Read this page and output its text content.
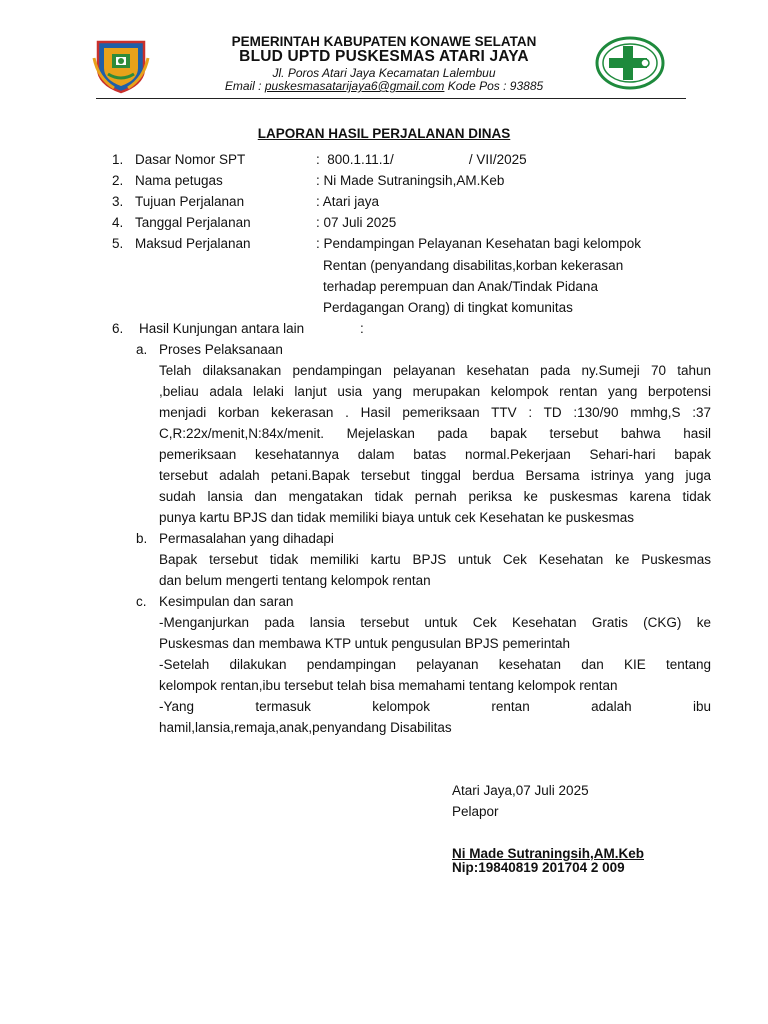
PEMERINTAH KABUPATEN KONAWE SELATAN
BLUD UPTD PUSKESMAS ATARI JAYA
Jl. Poros Atari Jaya Kecamatan Lalembuu
Email : puskesmasatarijaya6@gmail.com Kode Pos : 93885
LAPORAN HASIL PERJALANAN DINAS
1. Dasar Nomor SPT	:  800.1.11.1/                    / VII/2025
2. Nama petugas	: Ni Made Sutraningsih,AM.Keb
3. Tujuan Perjalanan	: Atari jaya
4. Tanggal Perjalanan	: 07 Juli 2025
5. Maksud Perjalanan	: Pendampingan Pelayanan Kesehatan bagi kelompok
Rentan (penyandang disabilitas,korban kekerasan
terhadap perempuan dan Anak/Tindak Pidana
Perdagangan Orang) di tingkat komunitas
6. Hasil Kunjungan antara lain	:
a. Proses Pelaksanaan
Telah dilaksanakan pendampingan pelayanan kesehatan pada ny.Sumeji 70 tahun
,beliau adala lelaki lanjut usia yang merupakan kelompok rentan yang berpotensi
menjadi korban kekerasan . Hasil pemeriksaan TTV : TD :130/90 mmhg,S :37
C,R:22x/menit,N:84x/menit. Mejelaskan pada bapak tersebut bahwa hasil
pemeriksaan kesehatannya dalam batas normal.Pekerjaan Sehari-hari bapak
tersebut adalah petani.Bapak tersebut tinggal berdua Bersama istrinya yang juga
sudah lansia dan mengatakan tidak pernah periksa ke puskesmas karena tidak
punya kartu BPJS dan tidak memiliki biaya untuk cek Kesehatan ke puskesmas
b. Permasalahan yang dihadapi
Bapak tersebut tidak memiliki kartu BPJS untuk Cek Kesehatan ke Puskesmas
dan belum mengerti tentang kelompok rentan
c. Kesimpulan dan saran
-Menganjurkan pada lansia tersebut untuk Cek Kesehatan Gratis (CKG) ke
Puskesmas dan membawa KTP untuk pengusulan BPJS pemerintah
-Setelah dilakukan pendampingan pelayanan kesehatan dan KIE tentang
kelompok rentan,ibu tersebut telah bisa memahami tentang kelompok rentan
-Yang termasuk kelompok rentan adalah ibu
hamil,lansia,remaja,anak,penyandang Disabilitas
Atari Jaya,07 Juli 2025
Pelapor
Ni Made Sutraningsih,AM.Keb
Nip:19840819 201704 2 009
